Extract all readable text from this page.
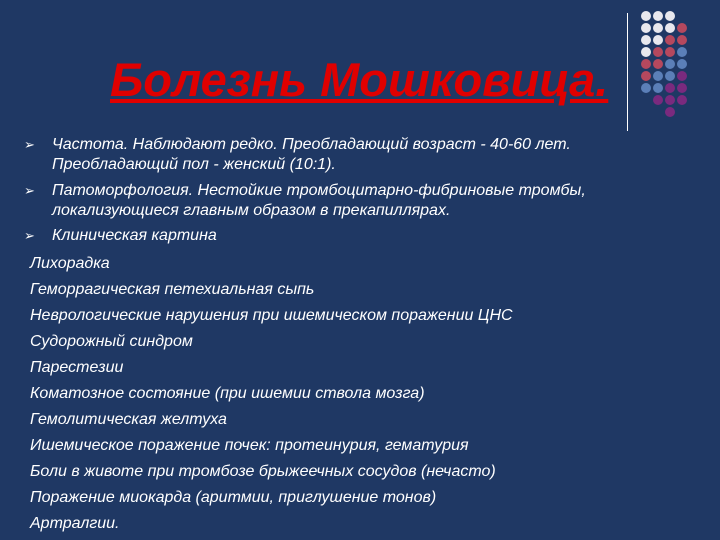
Болезнь Мошковица.
➢ Частота. Наблюдают редко. Преобладающий возраст - 40-60 лет. Преобладающий пол - женский (10:1).
➢ Патоморфология. Нестойкие тромбоцитарно-фибриновые тромбы, локализующиеся главным образом в прекапиллярах.
➢ Клиническая картина
Лихорадка
Геморрагическая петехиальная сыпь
Неврологические нарушения при ишемическом поражении ЦНС
Судорожный синдром
Парестезии
Коматозное состояние (при ишемии ствола мозга)
Гемолитическая желтуха
Ишемическое поражение почек: протеинурия, гематурия
Боли в животе при тромбозе брыжеечных сосудов (нечасто)
Поражение миокарда (аритмии, приглушение тонов)
Артралгии.
